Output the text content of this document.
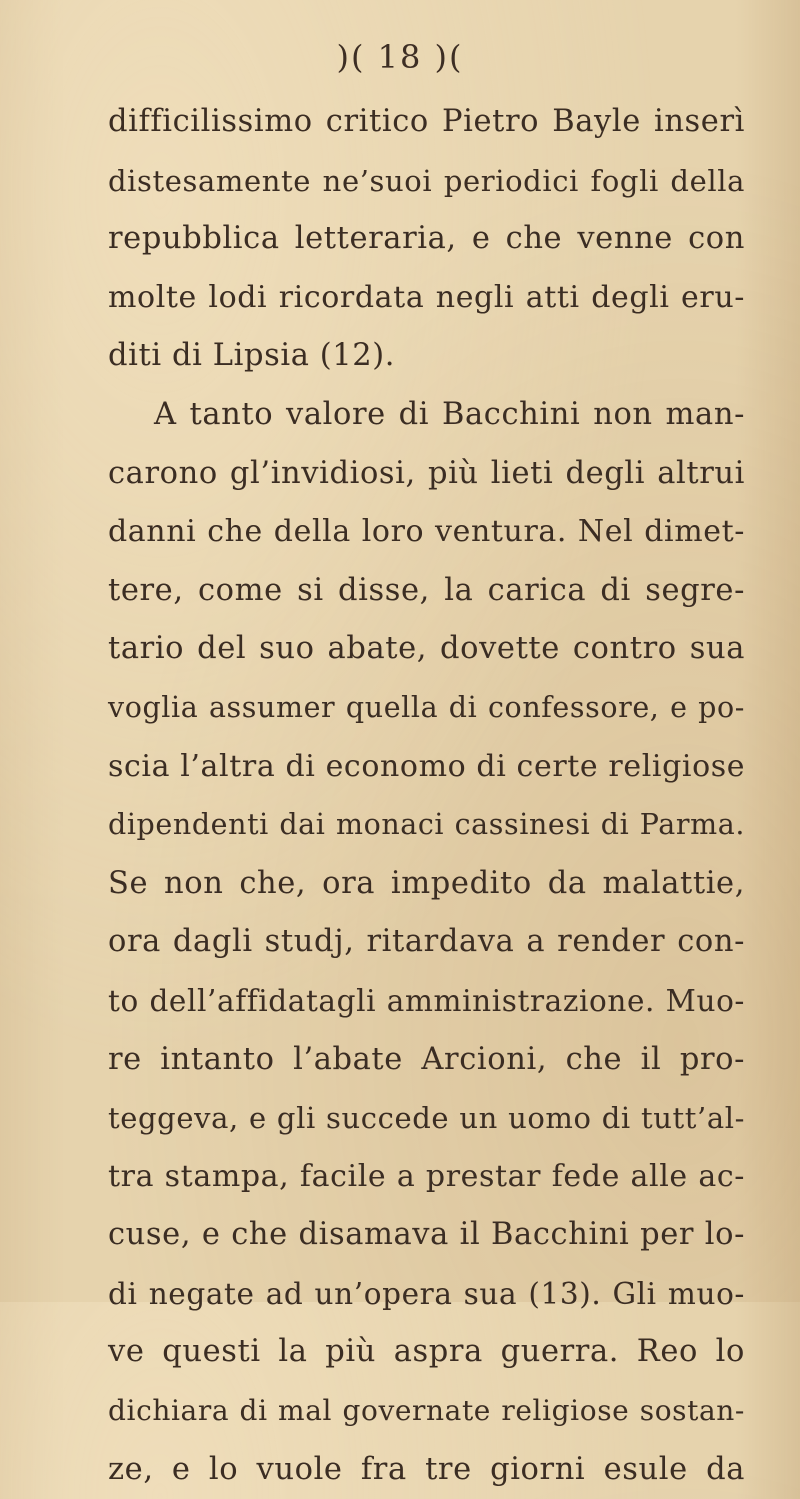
)( 18 )(
difficilissimo critico Pietro Bayle inserì
distesamente ne’suoi periodici fogli della
repubblica letteraria, e che venne con
molte lodi ricordata negli atti degli eru-
diti di Lipsia (12).
A tanto valore di Bacchini non man-
carono gl’invidiosi, più lieti degli altrui
danni che della loro ventura. Nel dimet-
tere, come si disse, la carica di segre-
tario del suo abate, dovette contro sua
voglia assumer quella di confessore, e po-
scia l’altra di economo di certe religiose
dipendenti dai monaci cassinesi di Parma.
Se non che, ora impedito da malattie,
ora dagli studj, ritardava a render con-
to dell’affidatagli amministrazione. Muo-
re intanto l’abate Arcioni, che il pro-
teggeva, e gli succede un uomo di tutt’al-
tra stampa, facile a prestar fede alle ac-
cuse, e che disamava il Bacchini per lo-
di negate ad un’opera sua (13). Gli muo-
ve questi la più aspra guerra. Reo lo
dichiara di mal governate religiose sostan-
ze, e lo vuole fra tre giorni esule da
